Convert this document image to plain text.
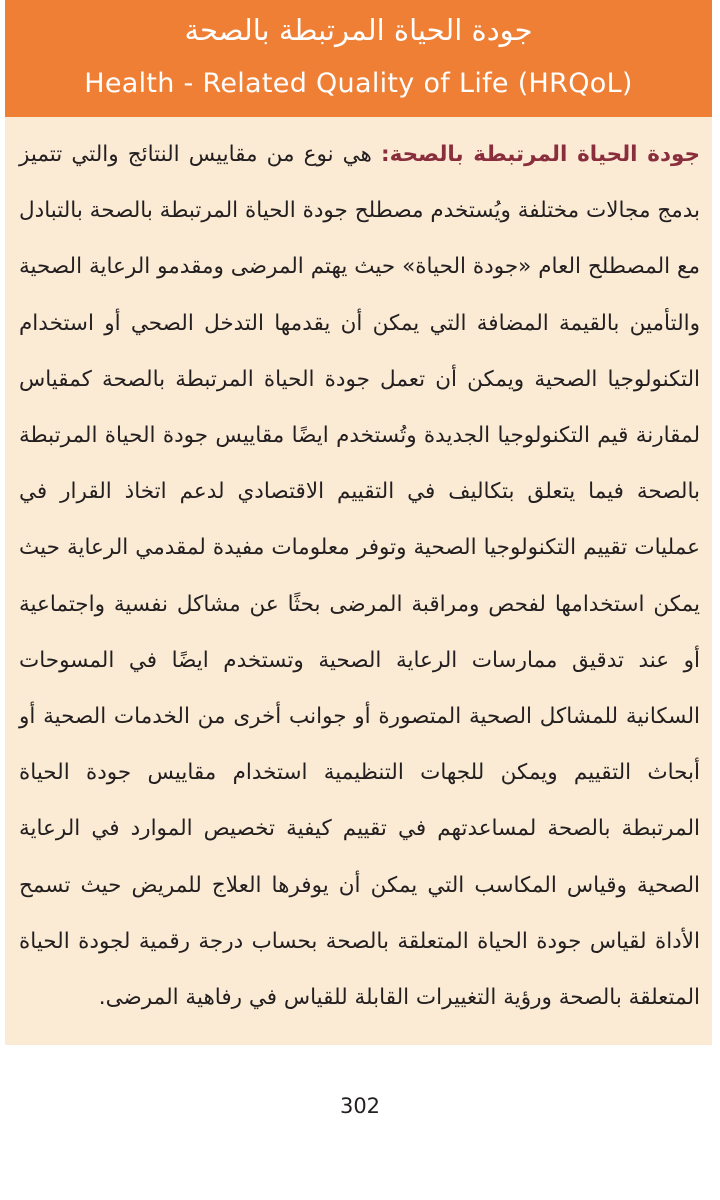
جودة الحياة المرتبطة بالصحة
Health - Related Quality of Life (HRQoL)
جودة الحياة المرتبطة بالصحة: هي نوع من مقاييس النتائج والتي تتميز بدمج مجالات مختلفة ويُستخدم مصطلح جودة الحياة المرتبطة بالصحة بالتبادل مع المصطلح العام «جودة الحياة» حيث يهتم المرضى ومقدمو الرعاية الصحية والتأمين بالقيمة المضافة التي يمكن أن يقدمها التدخل الصحي أو استخدام التكنولوجيا الصحية ويمكن أن تعمل جودة الحياة المرتبطة بالصحة كمقياس لمقارنة قيم التكنولوجيا الجديدة وتُستخدم ايضًا مقاييس جودة الحياة المرتبطة بالصحة فيما يتعلق بتكاليف في التقييم الاقتصادي لدعم اتخاذ القرار في عمليات تقييم التكنولوجيا الصحية وتوفر معلومات مفيدة لمقدمي الرعاية حيث يمكن استخدامها لفحص ومراقبة المرضى بحثًا عن مشاكل نفسية واجتماعية أو عند تدقيق ممارسات الرعاية الصحية وتستخدم ايضًا في المسوحات السكانية للمشاكل الصحية المتصورة أو جوانب أخرى من الخدمات الصحية أو أبحاث التقييم ويمكن للجهات التنظيمية استخدام مقاييس جودة الحياة المرتبطة بالصحة لمساعدتهم في تقييم كيفية تخصيص الموارد في الرعاية الصحية وقياس المكاسب التي يمكن أن يوفرها العلاج للمريض حيث تسمح الأداة لقياس جودة الحياة المتعلقة بالصحة بحساب درجة رقمية لجودة الحياة المتعلقة بالصحة ورؤية التغييرات القابلة للقياس في رفاهية المرضى.
302
